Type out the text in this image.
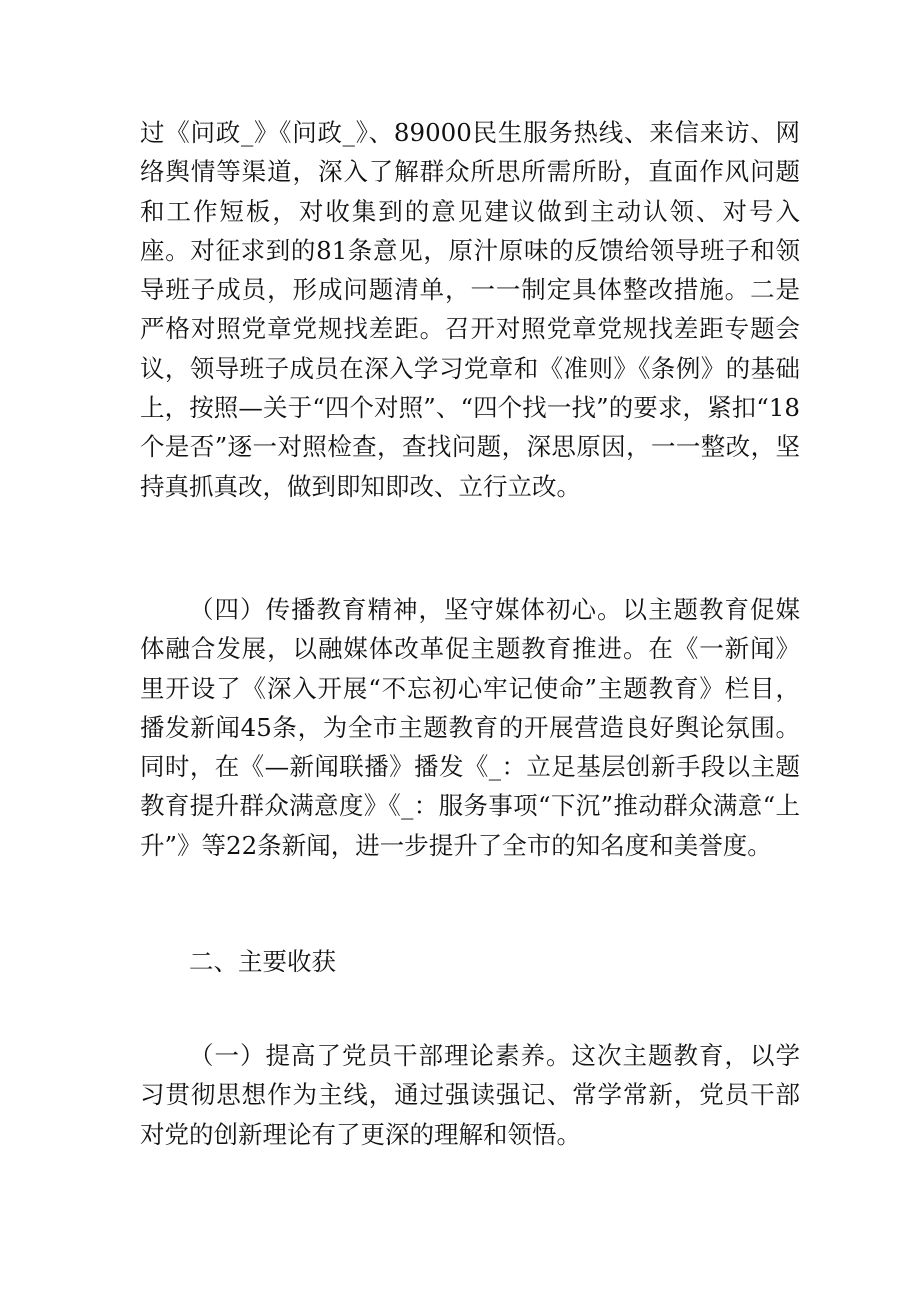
过《问政_》《问政_》、89000民生服务热线、来信来访、网络舆情等渠道，深入了解群众所思所需所盼，直面作风问题和工作短板，对收集到的意见建议做到主动认领、对号入座。对征求到的81条意见，原汁原味的反馈给领导班子和领导班子成员，形成问题清单，一一制定具体整改措施。二是严格对照党章党规找差距。召开对照党章党规找差距专题会议，领导班子成员在深入学习党章和《准则》《条例》的基础上，按照—关于“四个对照”、“四个找一找”的要求，紧扣“18个是否”逐一对照检查，查找问题，深思原因，一一整改，坚持真抓真改，做到即知即改、立行立改。

（四）传播教育精神，坚守媒体初心。以主题教育促媒体融合发展，以融媒体改革促主题教育推进。在《一新闻》里开设了《深入开展“不忘初心牢记使命”主题教育》栏目，播发新闻45条，为全市主题教育的开展营造良好舆论氛围。同时，在《—新闻联播》播发《_：立足基层创新手段以主题教育提升群众满意度》《_：服务事项“下沉”推动群众满意“上升”》等22条新闻，进一步提升了全市的知名度和美誉度。

二、主要收获

（一）提高了党员干部理论素养。这次主题教育，以学习贯彻思想作为主线，通过强读强记、常学常新，党员干部对党的创新理论有了更深的理解和领悟。
